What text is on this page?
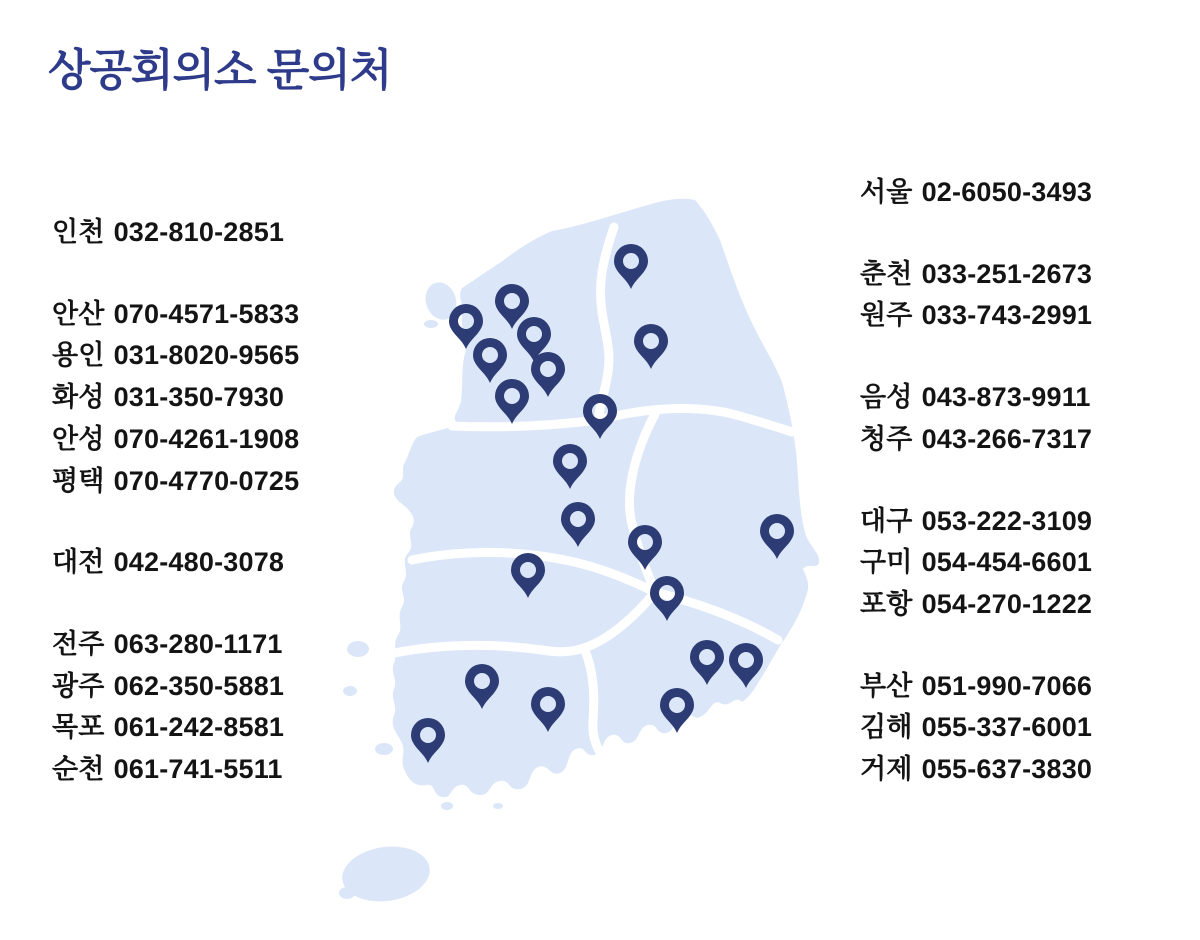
상공회의소 문의처
인천 032-810-2851
안산 070-4571-5833
용인 031-8020-9565
화성 031-350-7930
안성 070-4261-1908
평택 070-4770-0725
대전 042-480-3078
전주 063-280-1171
광주 062-350-5881
목포 061-242-8581
순천 061-741-5511
서울 02-6050-3493
춘천 033-251-2673
원주 033-743-2991
음성 043-873-9911
청주 043-266-7317
대구 053-222-3109
구미 054-454-6601
포항 054-270-1222
부산 051-990-7066
김해 055-337-6001
거제 055-637-3830
